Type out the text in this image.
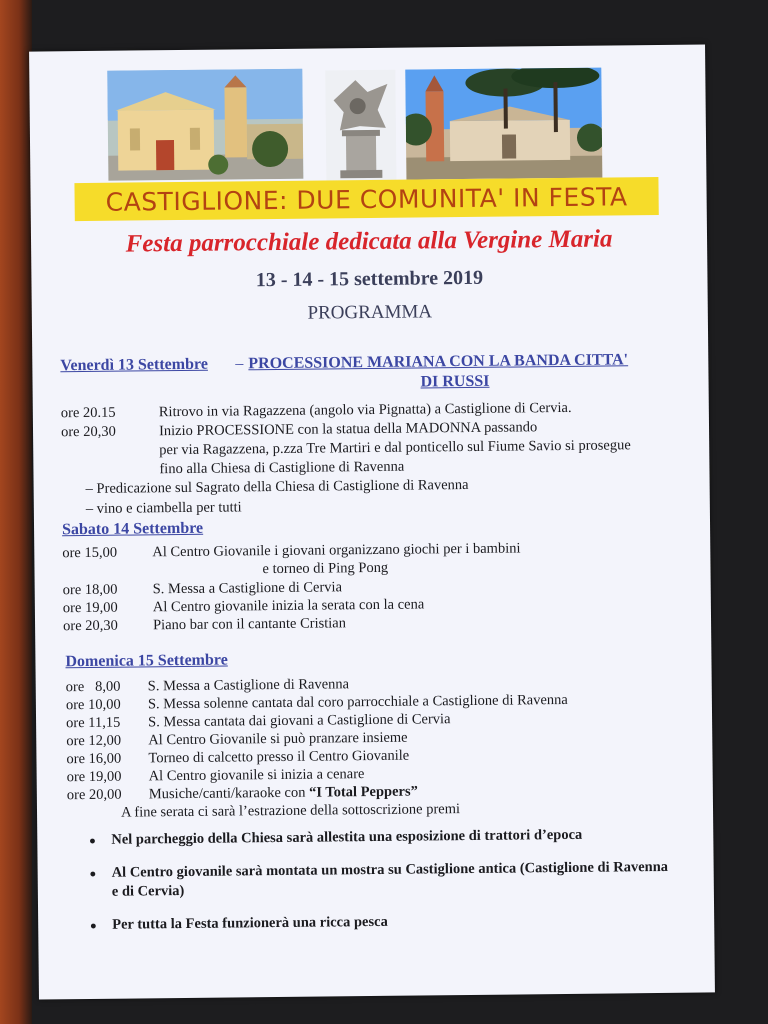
CASTIGLIONE: DUE COMUNITA' IN FESTA
Festa parrocchiale dedicata alla Vergine Maria
13 - 14 - 15 settembre 2019
PROGRAMMA
Venerdì 13 Settembre – PROCESSIONE MARIANA CON LA BANDA CITTA'
DI RUSSI
ore 20.15	Ritrovo in via Ragazzena (angolo via Pignatta) a Castiglione di Cervia.
ore 20,30	Inizio PROCESSIONE con la statua della MADONNA passando
per via Ragazzena, p.zza Tre Martiri e dal ponticello sul Fiume Savio si prosegue
fino alla Chiesa di Castiglione di Ravenna
– Predicazione sul Sagrato della Chiesa di Castiglione di Ravenna
– vino e ciambella per tutti
Sabato 14 Settembre
ore 15,00 Al Centro Giovanile i giovani organizzano giochi per i bambini
e torneo di Ping Pong
ore 18,00 S. Messa a Castiglione di Cervia
ore 19,00 Al Centro giovanile inizia la serata con la cena
ore 20,30 Piano bar con il cantante Cristian
Domenica 15 Settembre
ore   8,00 S. Messa a Castiglione di Ravenna
ore 10,00 S. Messa solenne cantata dal coro parrocchiale a Castiglione di Ravenna
ore 11,15 S. Messa cantata dai giovani a Castiglione di Cervia
ore 12,00 Al Centro Giovanile si può pranzare insieme
ore 16,00 Torneo di calcetto presso il Centro Giovanile
ore 19,00 Al Centro giovanile si inizia a cenare
ore 20,00 Musiche/canti/karaoke con “I Total Peppers”
A fine serata ci sarà l’estrazione della sottoscrizione premi
• Nel parcheggio della Chiesa sarà allestita una esposizione di trattori d’epoca
• Al Centro giovanile sarà montata un mostra su Castiglione antica (Castiglione di Ravenna e di Cervia)
• Per tutta la Festa funzionerà una ricca pesca
